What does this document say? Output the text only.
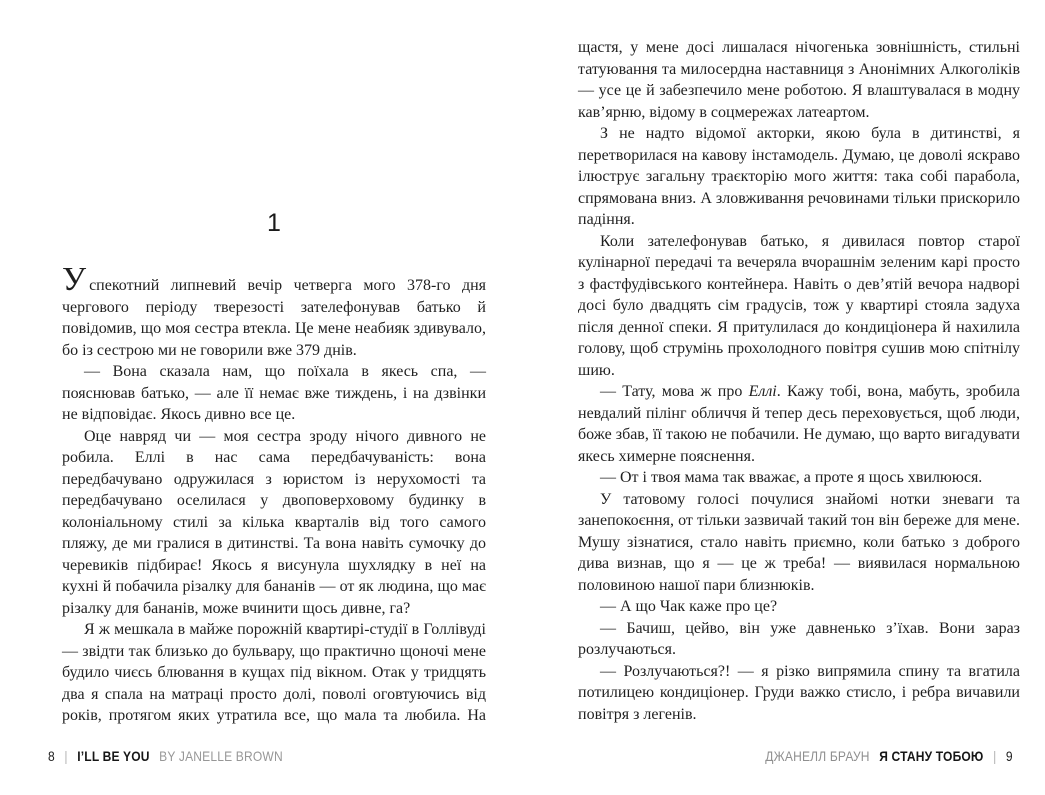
1

Успекотний липневий вечір четверга мого 378-го дня чергового періоду тверезості зателефонував батько й повідомив, що моя сестра втекла. Це мене неабияк здивувало, бо із сестрою ми не говорили вже 379 днів.

— Вона сказала нам, що поїхала в якесь спа, — пояснював батько, — але її немає вже тиждень, і на дзвінки не відповідає. Якось дивно все це.

Оце навряд чи — моя сестра зроду нічого дивного не робила. Еллі в нас сама передбачуваність: вона передбачувано одружилася з юристом із нерухомості та передбачувано оселилася у двоповерховому будинку в колоніальному стилі за кілька кварталів від того самого пляжу, де ми гралися в дитинстві. Та вона навіть сумочку до черевиків підбирає! Якось я висунула шухлядку в неї на кухні й побачила різалку для бананів — от як людина, що має різалку для бананів, може вчинити щось дивне, га?

Я ж мешкала в майже порожній квартирі-студії в Голлівуді — звідти так близько до бульвару, що практично щоночі мене будило чиєсь блювання в кущах під вікном. Отак у тридцять два я спала на матраці просто долі, поволі оговтуючись від років, протягом яких утратила все, що мала та любила. На

щастя, у мене досі лишалася нічогенька зовнішність, стильні татуювання та милосердна наставниця з Анонімних Алкоголіків — усе це й забезпечило мене роботою. Я влаштувалася в модну кав’ярню, відому в соцмережах латеартом.

З не надто відомої акторки, якою була в дитинстві, я перетворилася на кавову інстамодель. Думаю, це доволі яскраво ілюструє загальну траєкторію мого життя: така собі парабола, спрямована вниз. А зловживання речовинами тільки прискорило падіння.

Коли зателефонував батько, я дивилася повтор старої кулінарної передачі та вечеряла вчорашнім зеленим карі просто з фастфудівського контейнера. Навіть о дев’ятій вечора надворі досі було двадцять сім градусів, тож у квартирі стояла задуха після денної спеки. Я притулилася до кондиціонера й нахилила голову, щоб струмінь прохолодного повітря сушив мою спітнілу шию.

— Тату, мова ж про Еллі. Кажу тобі, вона, мабуть, зробила невдалий пілінг обличчя й тепер десь переховується, щоб люди, боже збав, її такою не побачили. Не думаю, що варто вигадувати якесь химерне пояснення.

— От і твоя мама так вважає, а проте я щось хвилююся.

У татовому голосі почулися знайомі нотки зневаги та занепокоєння, от тільки зазвичай такий тон він береже для мене. Мушу зізнатися, стало навіть приємно, коли батько з доброго дива визнав, що я — це ж треба! — виявилася нормальною половиною нашої пари близнюків.

— А що Чак каже про це?

— Бачиш, цейво, він уже давненько з’їхав. Вони зараз розлучаються.

— Розлучаються?! — я різко випрямила спину та вгатила потилицею кондиціонер. Груди важко стисло, і ребра вичавили повітря з легенів.

8 | I’LL BE YOU BY JANELLE BROWN	ДЖАНЕЛЛ БРАУН Я СТАНУ ТОБОЮ | 9
